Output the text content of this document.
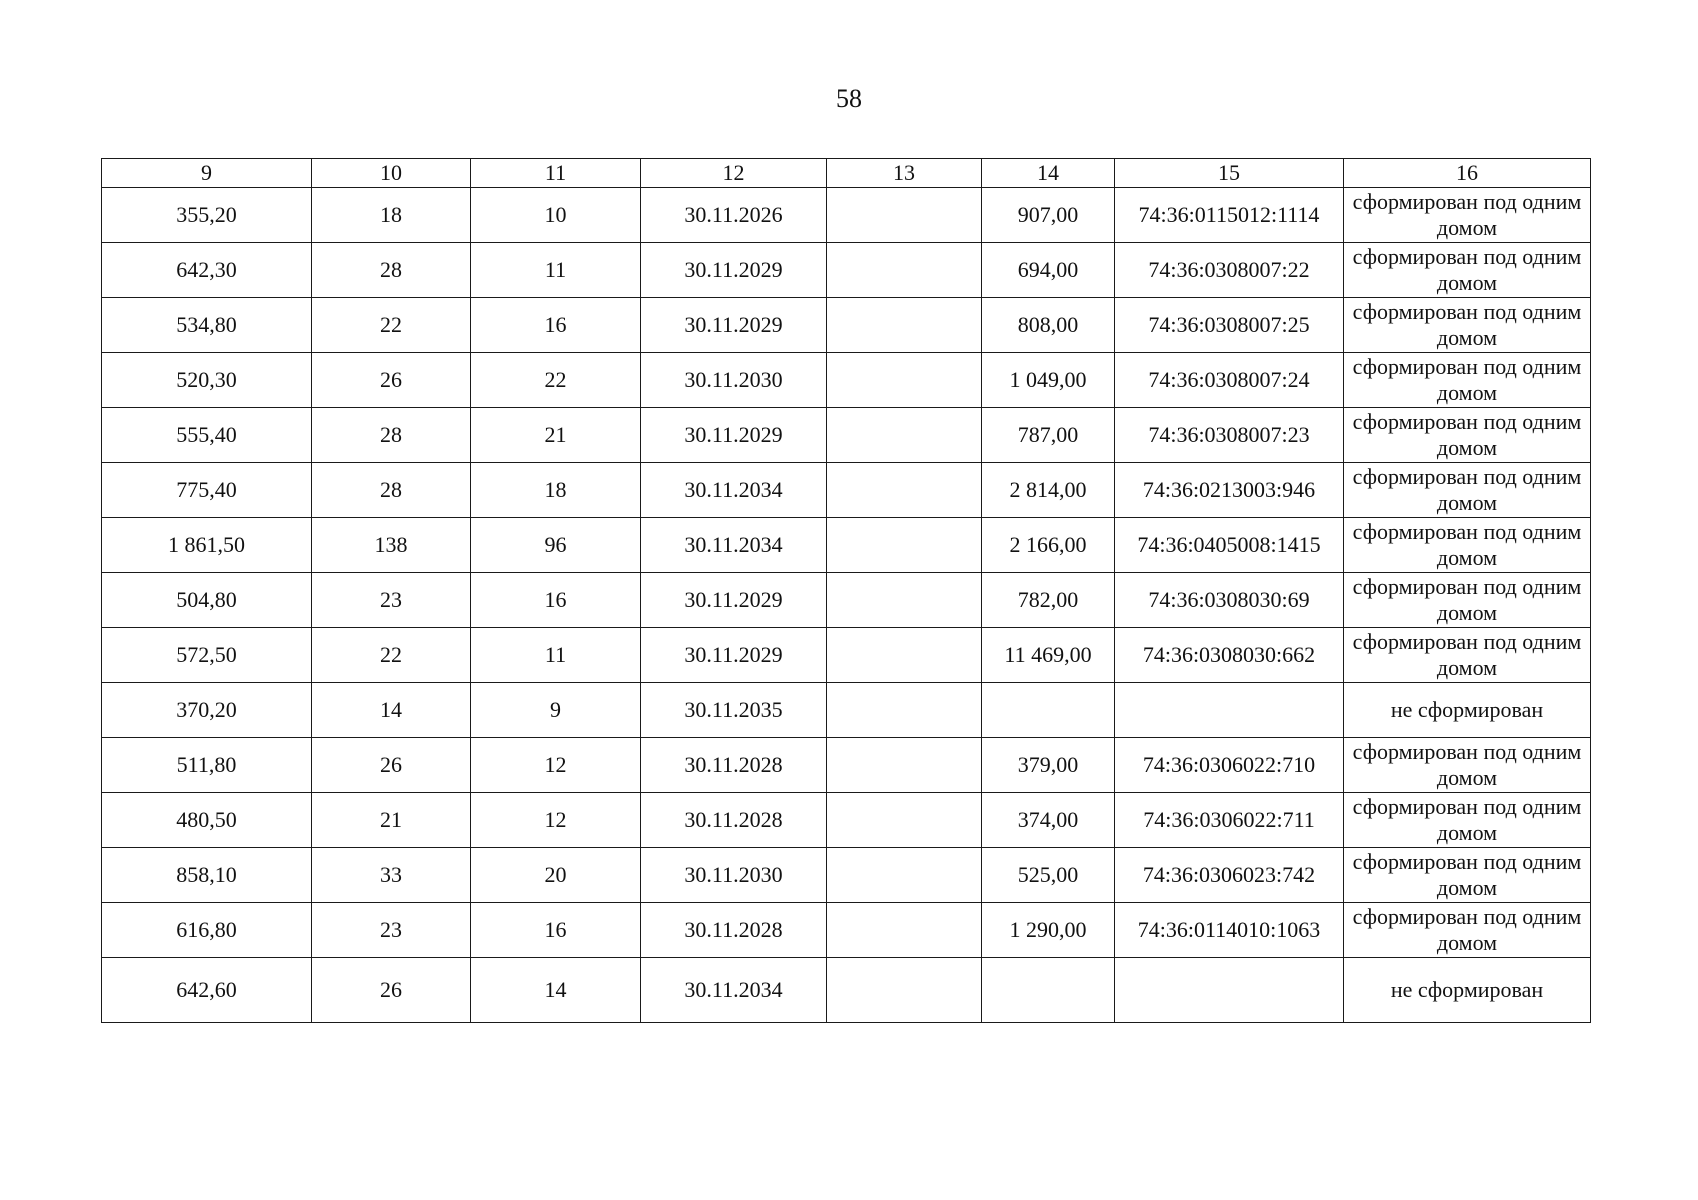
58
9	10	11	12	13	14	15	16
355,20	18	10	30.11.2026		907,00	74:36:0115012:1114	сформирован под одним домом
642,30	28	11	30.11.2029		694,00	74:36:0308007:22	сформирован под одним домом
534,80	22	16	30.11.2029		808,00	74:36:0308007:25	сформирован под одним домом
520,30	26	22	30.11.2030		1 049,00	74:36:0308007:24	сформирован под одним домом
555,40	28	21	30.11.2029		787,00	74:36:0308007:23	сформирован под одним домом
775,40	28	18	30.11.2034		2 814,00	74:36:0213003:946	сформирован под одним домом
1 861,50	138	96	30.11.2034		2 166,00	74:36:0405008:1415	сформирован под одним домом
504,80	23	16	30.11.2029		782,00	74:36:0308030:69	сформирован под одним домом
572,50	22	11	30.11.2029		11 469,00	74:36:0308030:662	сформирован под одним домом
370,20	14	9	30.11.2035				не сформирован
511,80	26	12	30.11.2028		379,00	74:36:0306022:710	сформирован под одним домом
480,50	21	12	30.11.2028		374,00	74:36:0306022:711	сформирован под одним домом
858,10	33	20	30.11.2030		525,00	74:36:0306023:742	сформирован под одним домом
616,80	23	16	30.11.2028		1 290,00	74:36:0114010:1063	сформирован под одним домом
642,60	26	14	30.11.2034				не сформирован
